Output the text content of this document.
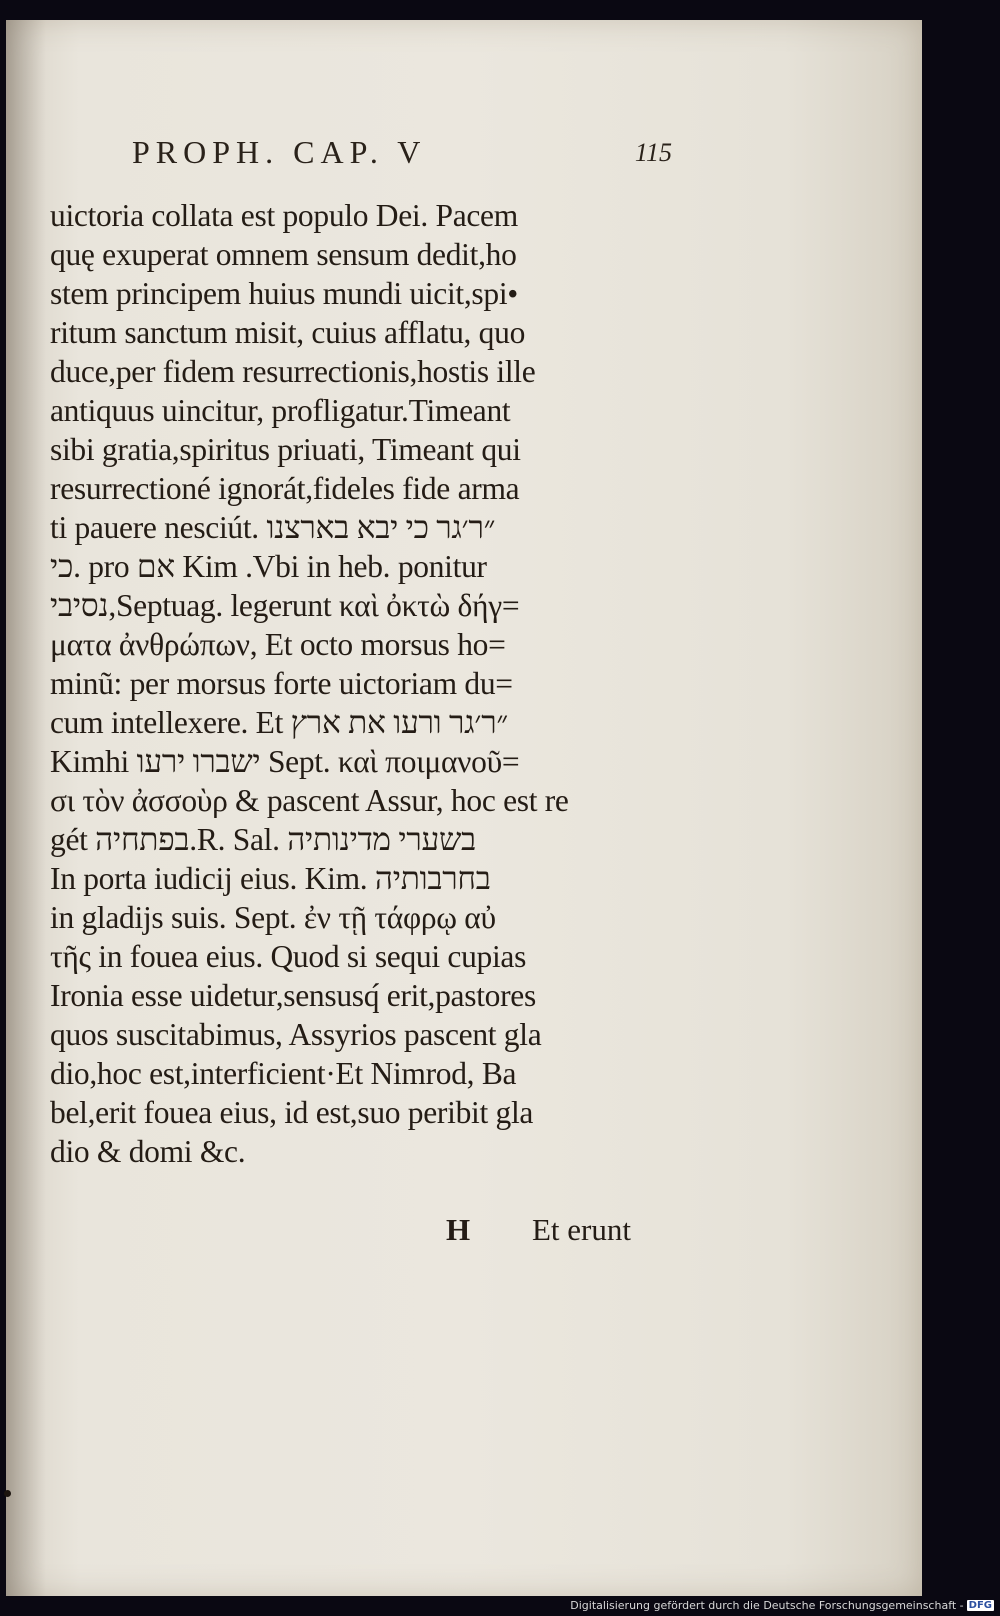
PROPH. CAP. V	115
uictoria collata est populo Dei. Pacem
quę exuperat omnem sensum dedit,ho
stem principem huius mundi uicit,spi•
ritum sanctum misit, cuius afflatu, quo
duce,per fidem resurrectionis,hostis ille
antiquus uincitur, profligatur.Timeant
sibi gratia,spiritus priuati, Timeant qui
resurrectioné ignorát,fideles fide arma
ti pauere nesciút. ״ר׳גר כי יבא בארצנו
כי. pro אם Kim .Vbi in heb. ponitur
נסיבי,Septuag. legerunt καὶ ὀκτὼ δήγ=
ματα ἀνθρώπων, Et octo morsus ho=
minũ: per morsus forte uictoriam du=
cum intellexere. Et ״ר׳גר ורעו את ארץ
Kimhi ישברו ירעו Sept. καὶ ποιμανοῦ=
σι τὸν ἀσσοὺρ & pascent Assur, hoc est re
gét בפתחיה.R. Sal. בשערי מדינותיה
In porta iudicij eius. Kim. בחרבותיה
in gladijs suis. Sept. ἐν τῇ τάφρῳ αὐ
τῆς in fouea eius. Quod si sequi cupias
Ironia esse uidetur,sensusq́ erit,pastores
quos suscitabimus, Assyrios pascent gla
dio,hoc est,interficient·Et Nimrod, Ba
bel,erit fouea eius, id est,suo peribit gla
dio & domi &c.
H Et erunt
Digitalisierung gefördert durch die Deutsche Forschungsgemeinschaft - DFG
